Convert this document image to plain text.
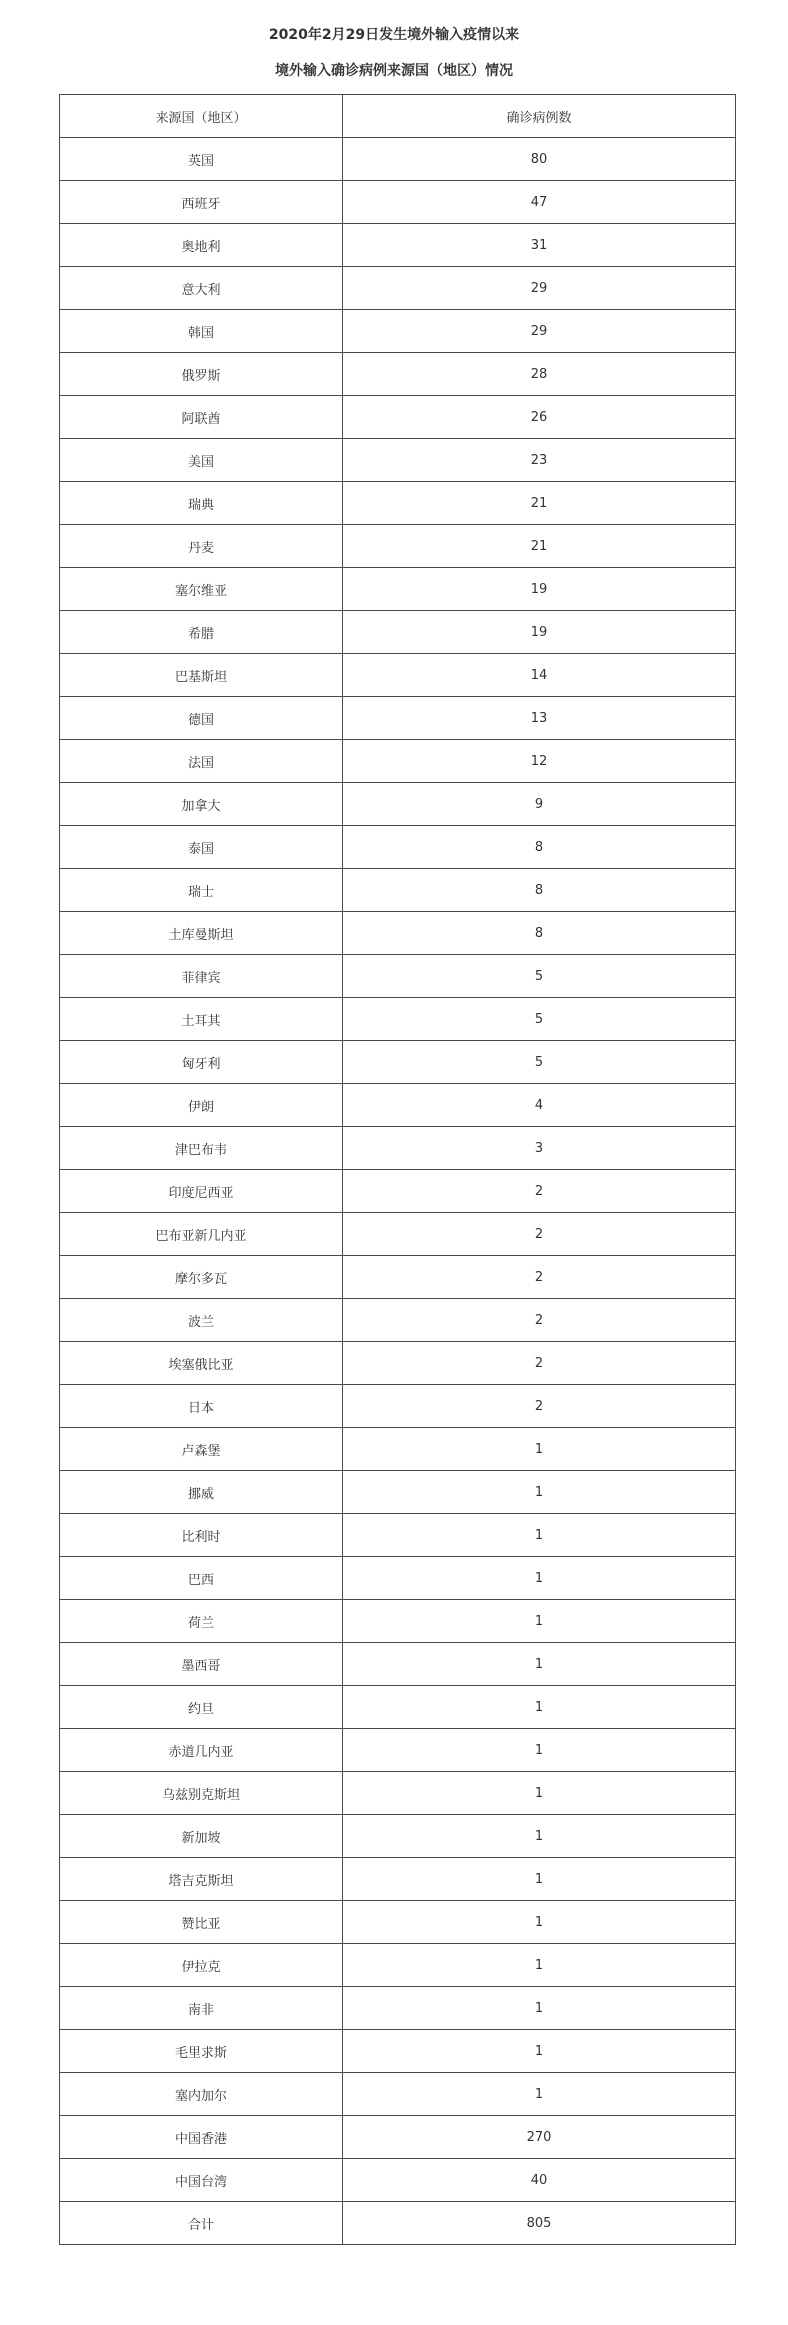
2020年2月29日发生境外输入疫情以来
境外输入确诊病例来源国（地区）情况
来源国（地区）	确诊病例数
英国	80
西班牙	47
奥地利	31
意大利	29
韩国	29
俄罗斯	28
阿联酋	26
美国	23
瑞典	21
丹麦	21
塞尔维亚	19
希腊	19
巴基斯坦	14
德国	13
法国	12
加拿大	9
泰国	8
瑞士	8
土库曼斯坦	8
菲律宾	5
土耳其	5
匈牙利	5
伊朗	4
津巴布韦	3
印度尼西亚	2
巴布亚新几内亚	2
摩尔多瓦	2
波兰	2
埃塞俄比亚	2
日本	2
卢森堡	1
挪威	1
比利时	1
巴西	1
荷兰	1
墨西哥	1
约旦	1
赤道几内亚	1
乌兹别克斯坦	1
新加坡	1
塔吉克斯坦	1
赞比亚	1
伊拉克	1
南非	1
毛里求斯	1
塞内加尔	1
中国香港	270
中国台湾	40
合计	805
